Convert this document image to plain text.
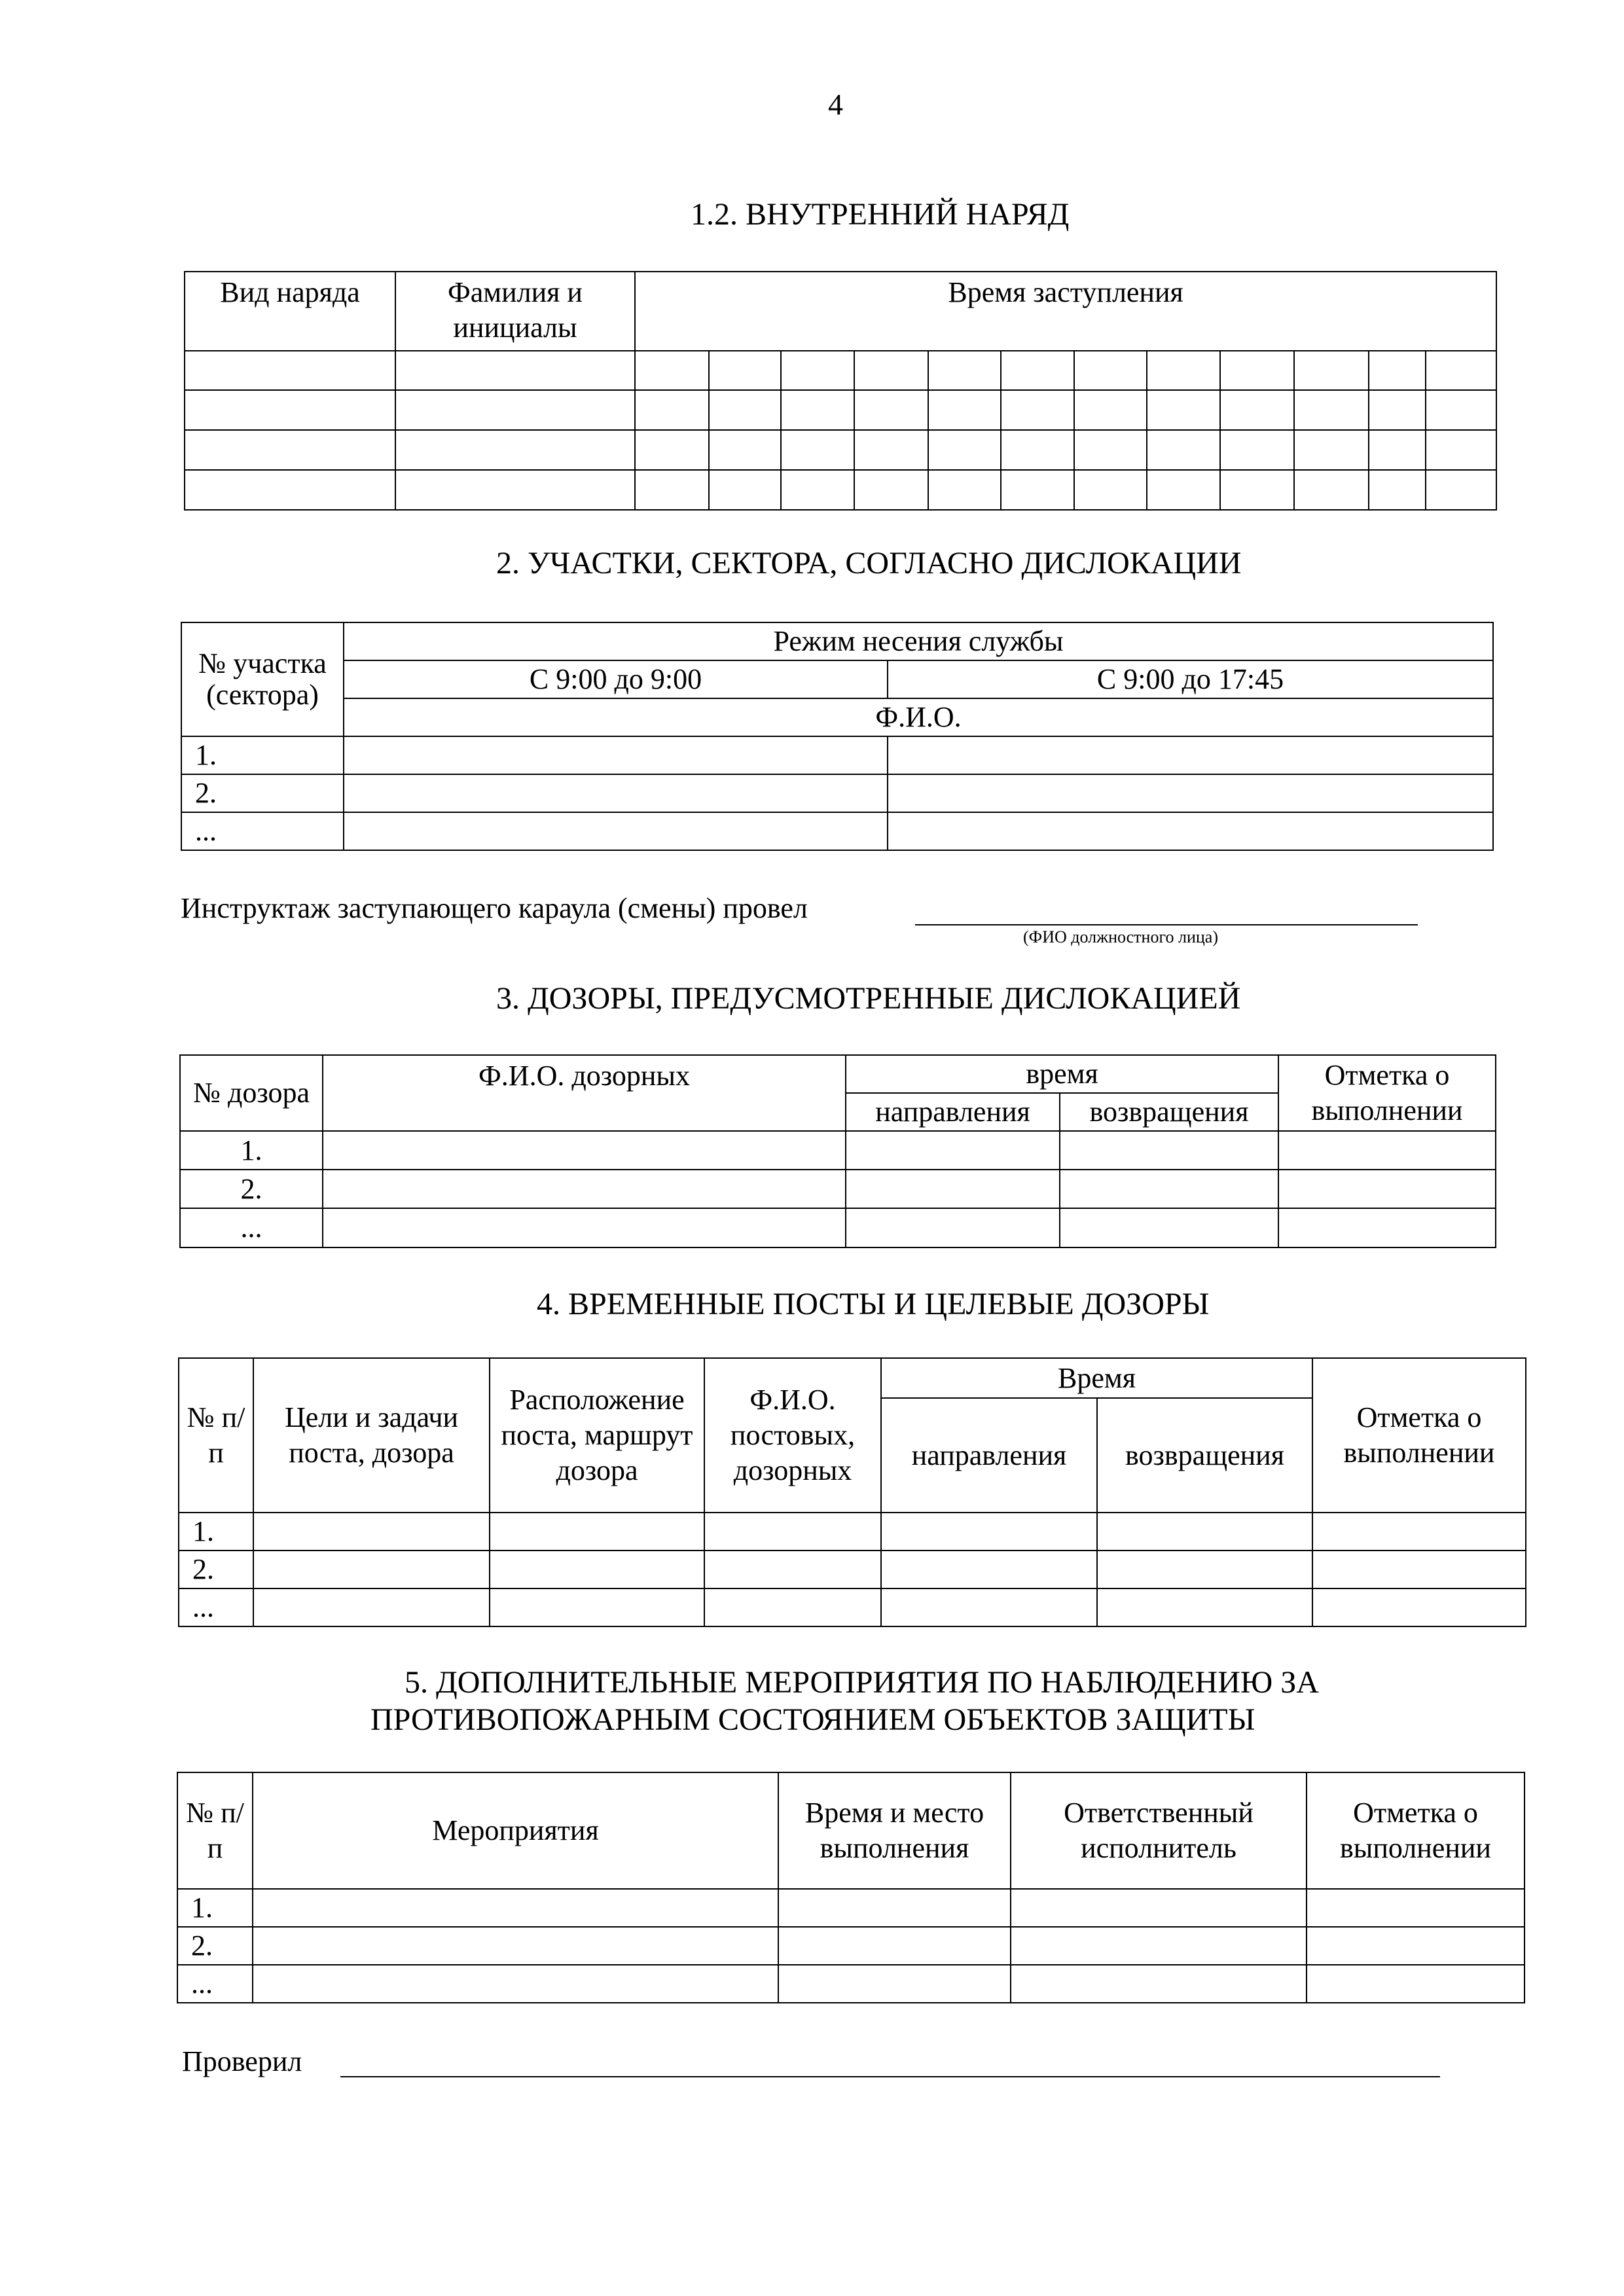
4
1.2. ВНУТРЕННИЙ НАРЯД
Вид наряда	Фамилия и инициалы	Время заступления											

2. УЧАСТКИ, СЕКТОРА, СОГЛАСНО ДИСЛОКАЦИИ
№ участка (сектора)	Режим несения службы	
	С 9:00 до 9:00	С 9:00 до 17:45
	Ф.И.О.	
1.		
2.		
...		
Инструктаж заступающего караула (смены) провел
(ФИО должностного лица)
3. ДОЗОРЫ, ПРЕДУСМОТРЕННЫЕ ДИСЛОКАЦИЕЙ
№ дозора	Ф.И.О. дозорных	время		Отметка о выполнении
		направления	возвращения	
1.				
2.				
...				
4. ВРЕМЕННЫЕ ПОСТЫ И ЦЕЛЕВЫЕ ДОЗОРЫ
№ п/п	Цели и задачи поста, дозора	Расположение поста, маршрут дозора	Ф.И.О. постовых, дозорных	Время		Отметка о выполнении
				направления	возвращения	
1.						
2.						
...						
5. ДОПОЛНИТЕЛЬНЫЕ МЕРОПРИЯТИЯ ПО НАБЛЮДЕНИЮ ЗА
ПРОТИВОПОЖАРНЫМ СОСТОЯНИЕМ ОБЪЕКТОВ ЗАЩИТЫ
№ п/п	Мероприятия	Время и место выполнения	Ответственный исполнитель	Отметка о выполнении
1.				
2.				
...				
Проверил
